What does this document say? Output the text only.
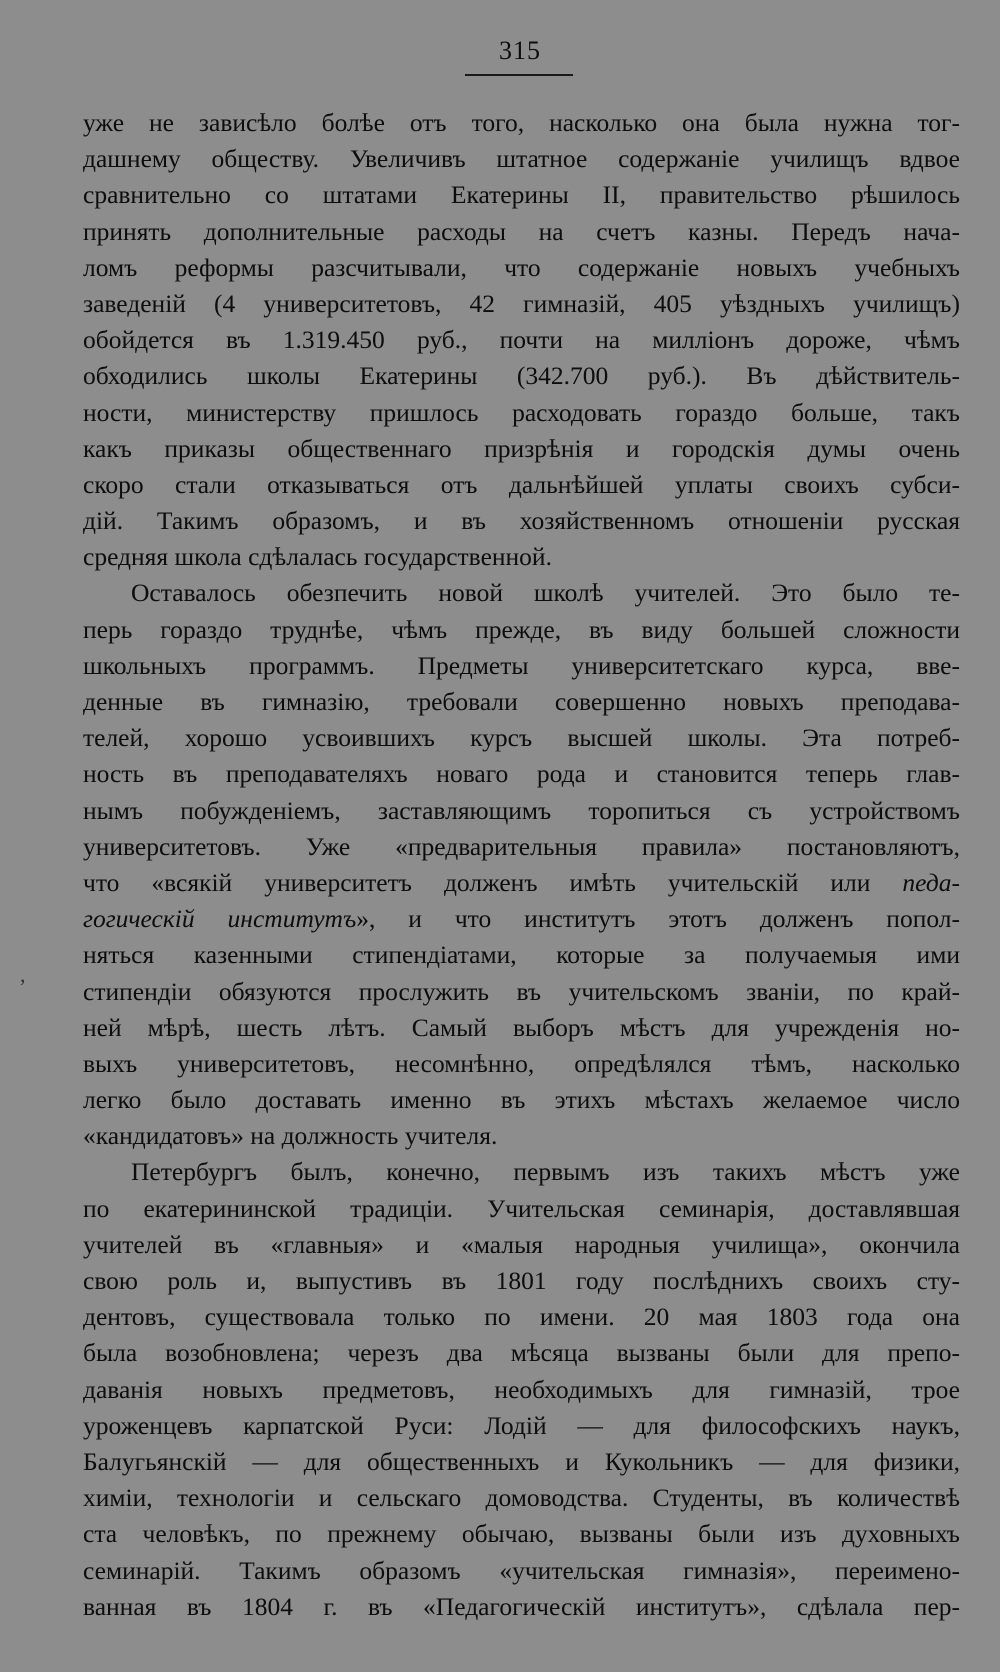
315
,
уже не зависѣло болѣе отъ того, насколько она была нужна тог-
дашнему обществу. Увеличивъ штатное содержанiе училищъ вдвое
сравнительно со штатами Екатерины II, правительство рѣшилось
принять дополнительные расходы на счетъ казны. Передъ нача-
ломъ реформы разсчитывали, что содержанiе новыхъ учебныхъ
заведенiй (4 университетовъ, 42 гимназiй, 405 уѣздныхъ училищъ)
обойдется въ 1.319.450 руб., почти на миллiонъ дороже, чѣмъ
обходились школы Екатерины (342.700 руб.). Въ дѣйствитель-
ности, министерству пришлось расходовать гораздо больше, такъ
какъ приказы общественнаго призрѣнiя и городскiя думы очень
скоро стали отказываться отъ дальнѣйшей уплаты своихъ субси-
дiй. Такимъ образомъ, и въ хозяйственномъ отношенiи русская
средняя школа сдѣлалась государственной.
Оставалось обезпечить новой школѣ учителей. Это было те-
перь гораздо труднѣе, чѣмъ прежде, въ виду большей сложности
школьныхъ программъ. Предметы университетскаго курса, вве-
денные въ гимназiю, требовали совершенно новыхъ преподава-
телей, хорошо усвоившихъ курсъ высшей школы. Эта потреб-
ность въ преподавателяхъ новаго рода и становится теперь глав-
нымъ побужденiемъ, заставляющимъ торопиться съ устройствомъ
университетовъ. Уже «предварительныя правила» постановляютъ,
что «всякiй университетъ долженъ имѣть учительскiй или педа-
гогическiй институтъ», и что институтъ этотъ долженъ попол-
няться казенными стипендiатами, которые за получаемыя ими
стипендiи обязуются прослужить въ учительскомъ званiи, по край-
ней мѣрѣ, шесть лѣтъ. Самый выборъ мѣстъ для учрежденiя но-
выхъ университетовъ, несомнѣнно, опредѣлялся тѣмъ, насколько
легко было доставать именно въ этихъ мѣстахъ желаемое число
«кандидатовъ» на должность учителя.
Петербургъ былъ, конечно, первымъ изъ такихъ мѣстъ уже
по екатерининской традицiи. Учительская семинарiя, доставлявшая
учителей въ «главныя» и «малыя народныя училища», окончила
свою роль и, выпустивъ въ 1801 году послѣднихъ своихъ сту-
дентовъ, существовала только по имени. 20 мая 1803 года она
была возобновлена; черезъ два мѣсяца вызваны были для препо-
даванiя новыхъ предметовъ, необходимыхъ для гимназiй, трое
уроженцевъ карпатской Руси: Лодiй — для философскихъ наукъ,
Балугьянскiй — для общественныхъ и Кукольникъ — для физики,
химiи, технологiи и сельскаго домоводства. Студенты, въ количествѣ
ста человѣкъ, по прежнему обычаю, вызваны были изъ духовныхъ
семинарiй. Такимъ образомъ «учительская гимназiя», переимено-
ванная въ 1804 г. въ «Педагогическiй институтъ», сдѣлала пер-
